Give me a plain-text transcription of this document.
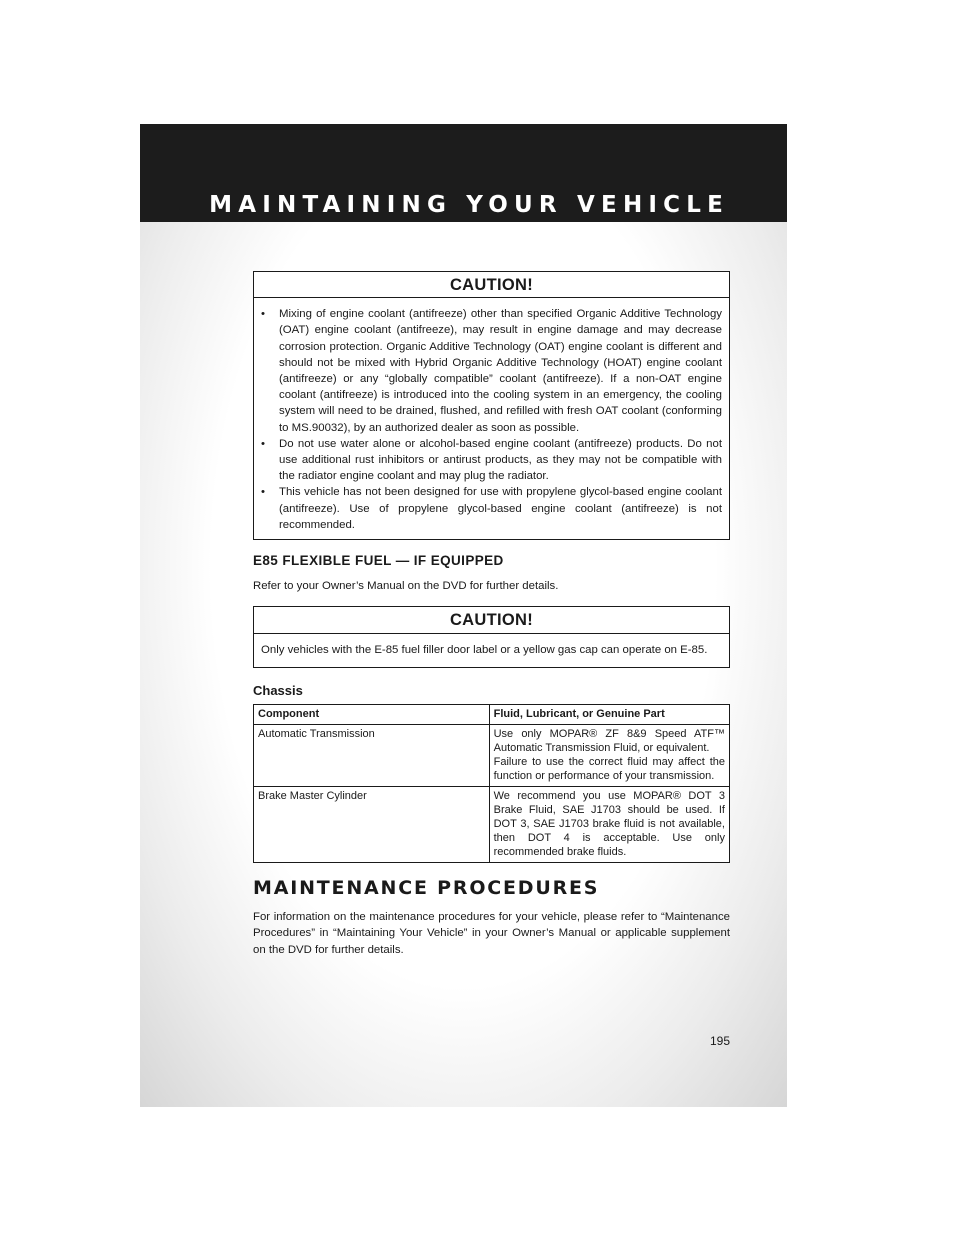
MAINTAINING YOUR VEHICLE
CAUTION!
• Mixing of engine coolant (antifreeze) other than specified Organic Additive Technology (OAT) engine coolant (antifreeze), may result in engine damage and may decrease corrosion protection. Organic Additive Technology (OAT) engine coolant is different and should not be mixed with Hybrid Organic Additive Technology (HOAT) engine coolant (antifreeze) or any “globally compatible” coolant (antifreeze). If a non-OAT engine coolant (antifreeze) is introduced into the cooling system in an emergency, the cooling system will need to be drained, flushed, and refilled with fresh OAT coolant (conforming to MS.90032), by an authorized dealer as soon as possible.
• Do not use water alone or alcohol-based engine coolant (antifreeze) products. Do not use additional rust inhibitors or antirust products, as they may not be compatible with the radiator engine coolant and may plug the radiator.
• This vehicle has not been designed for use with propylene glycol-based engine coolant (antifreeze). Use of propylene glycol-based engine coolant (antifreeze) is not recommended.
E85 FLEXIBLE FUEL — IF EQUIPPED

Refer to your Owner’s Manual on the DVD for further details.

CAUTION!
Only vehicles with the E-85 fuel filler door label or a yellow gas cap can operate on E-85.
Chassis
Component	Fluid, Lubricant, or Genuine Part
Automatic Transmission	Use only MOPAR® ZF 8&9 Speed ATF™ Automatic Transmission Fluid, or equivalent.
Failure to use the correct fluid may affect the function or performance of your transmission.

Brake Master Cylinder	We recommend you use MOPAR® DOT 3 Brake Fluid, SAE J1703 should be used. If DOT 3, SAE J1703 brake fluid is not available, then DOT 4 is acceptable. Use only recommended brake fluids.
MAINTENANCE PROCEDURES

For information on the maintenance procedures for your vehicle, please refer to “Maintenance Procedures” in “Maintaining Your Vehicle” in your Owner’s Manual or applicable supplement on the DVD for further details.

195
